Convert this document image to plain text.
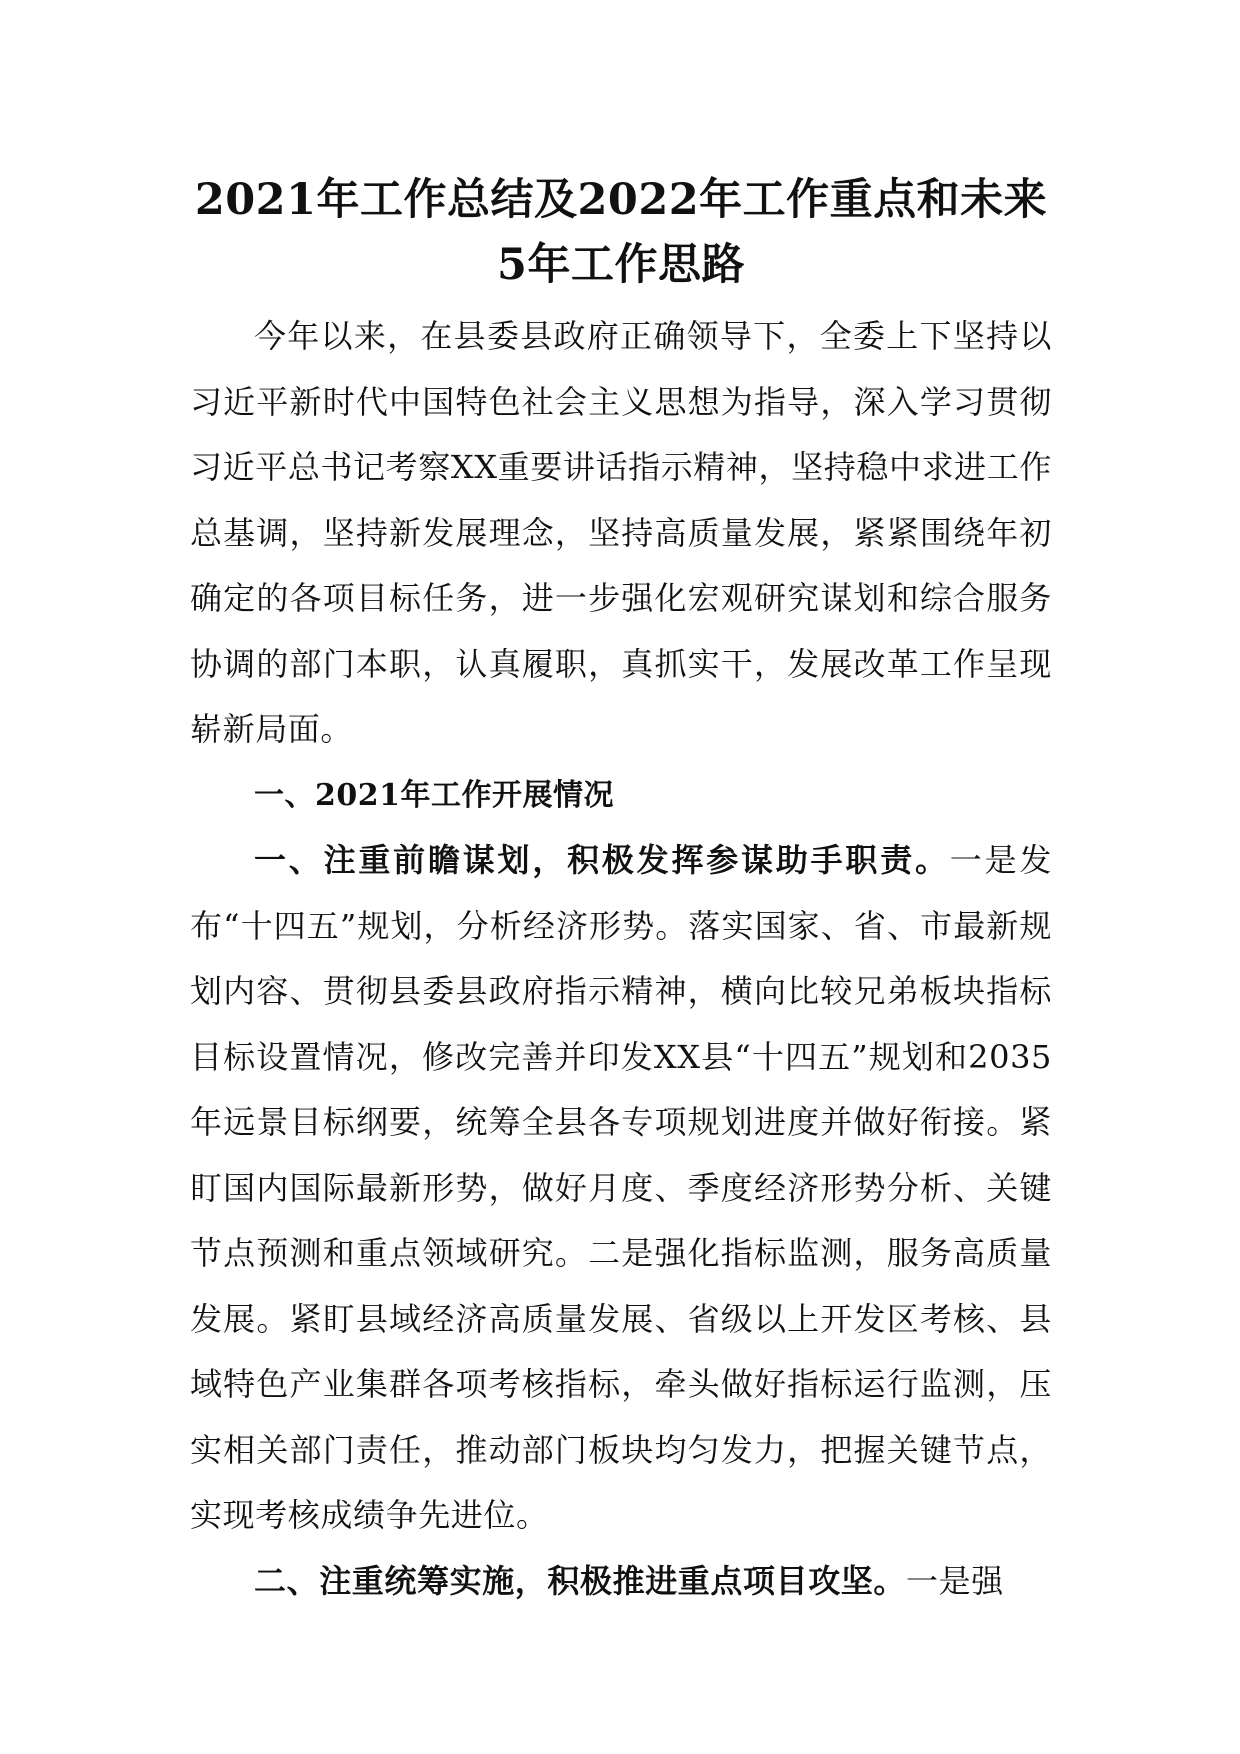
2021年工作总结及2022年工作重点和未来
5年工作思路

今年以来，在县委县政府正确领导下，全委上下坚持以习近平新时代中国特色社会主义思想为指导，深入学习贯彻习近平总书记考察XX重要讲话指示精神，坚持稳中求进工作总基调，坚持新发展理念，坚持高质量发展，紧紧围绕年初确定的各项目标任务，进一步强化宏观研究谋划和综合服务协调的部门本职，认真履职，真抓实干，发展改革工作呈现崭新局面。

一、2021年工作开展情况

一、注重前瞻谋划，积极发挥参谋助手职责。一是发布“十四五”规划，分析经济形势。落实国家、省、市最新规划内容、贯彻县委县政府指示精神，横向比较兄弟板块指标目标设置情况，修改完善并印发XX县“十四五”规划和2035年远景目标纲要，统筹全县各专项规划进度并做好衔接。紧盯国内国际最新形势，做好月度、季度经济形势分析、关键节点预测和重点领域研究。二是强化指标监测，服务高质量发展。紧盯县域经济高质量发展、省级以上开发区考核、县域特色产业集群各项考核指标，牵头做好指标运行监测，压实相关部门责任，推动部门板块均匀发力，把握关键节点，实现考核成绩争先进位。

二、注重统筹实施，积极推进重点项目攻坚。一是强
